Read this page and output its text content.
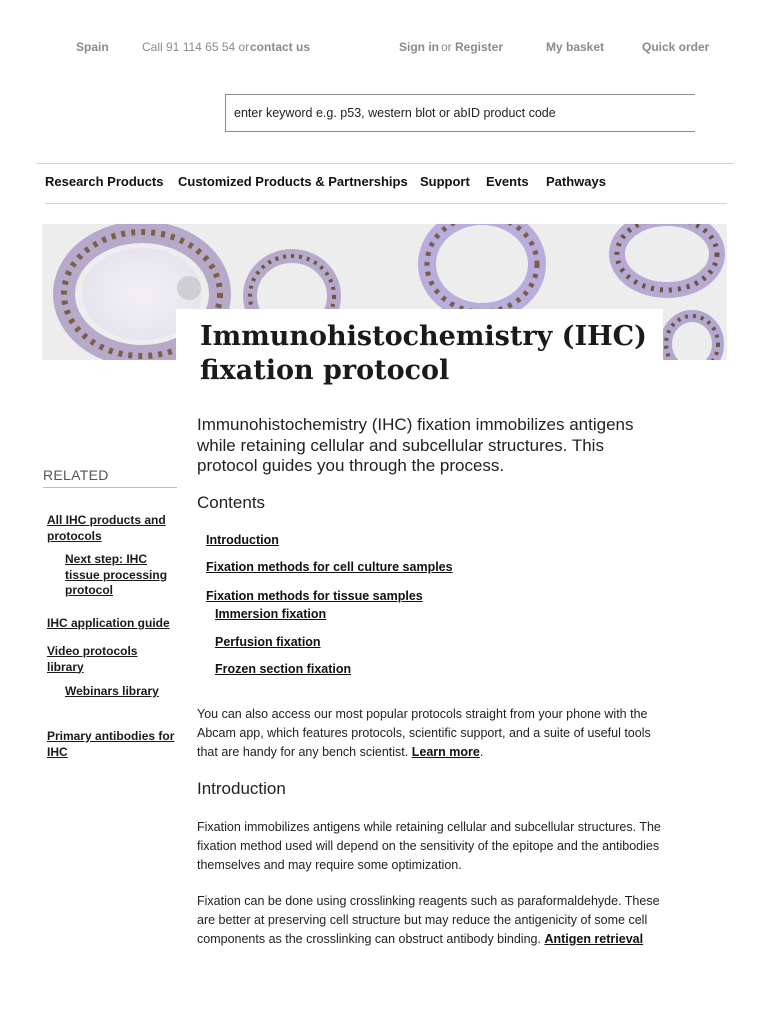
Spain	Call 91 114 65 54 or contact us	Sign in or Register	My basket	Quick order
enter keyword e.g. p53, western blot or abID product code
Research Products Customized Products & Partnerships Support Events Pathways
Immunohistochemistry (IHC)
fixation protocol

Immunohistochemistry (IHC) fixation immobilizes antigens while retaining cellular and subcellular structures. This protocol guides you through the process.

RELATED
All IHC products and protocols
Next step: IHC tissue processing protocol
IHC application guide
Video protocols library
Webinars library
Primary antibodies for IHC
Contents
Introduction
Fixation methods for cell culture samples
Fixation methods for tissue samples
Immersion fixation
Perfusion fixation
Frozen section fixation

You can also access our most popular protocols straight from your phone with the Abcam app, which features protocols, scientific support, and a suite of useful tools that are handy for any bench scientist. Learn more.

Introduction

Fixation immobilizes antigens while retaining cellular and subcellular structures. The fixation method used will depend on the sensitivity of the epitope and the antibodies themselves and may require some optimization.

Fixation can be done using crosslinking reagents such as paraformaldehyde. These are better at preserving cell structure but may reduce the antigenicity of some cell components as the crosslinking can obstruct antibody binding. Antigen retrieval
